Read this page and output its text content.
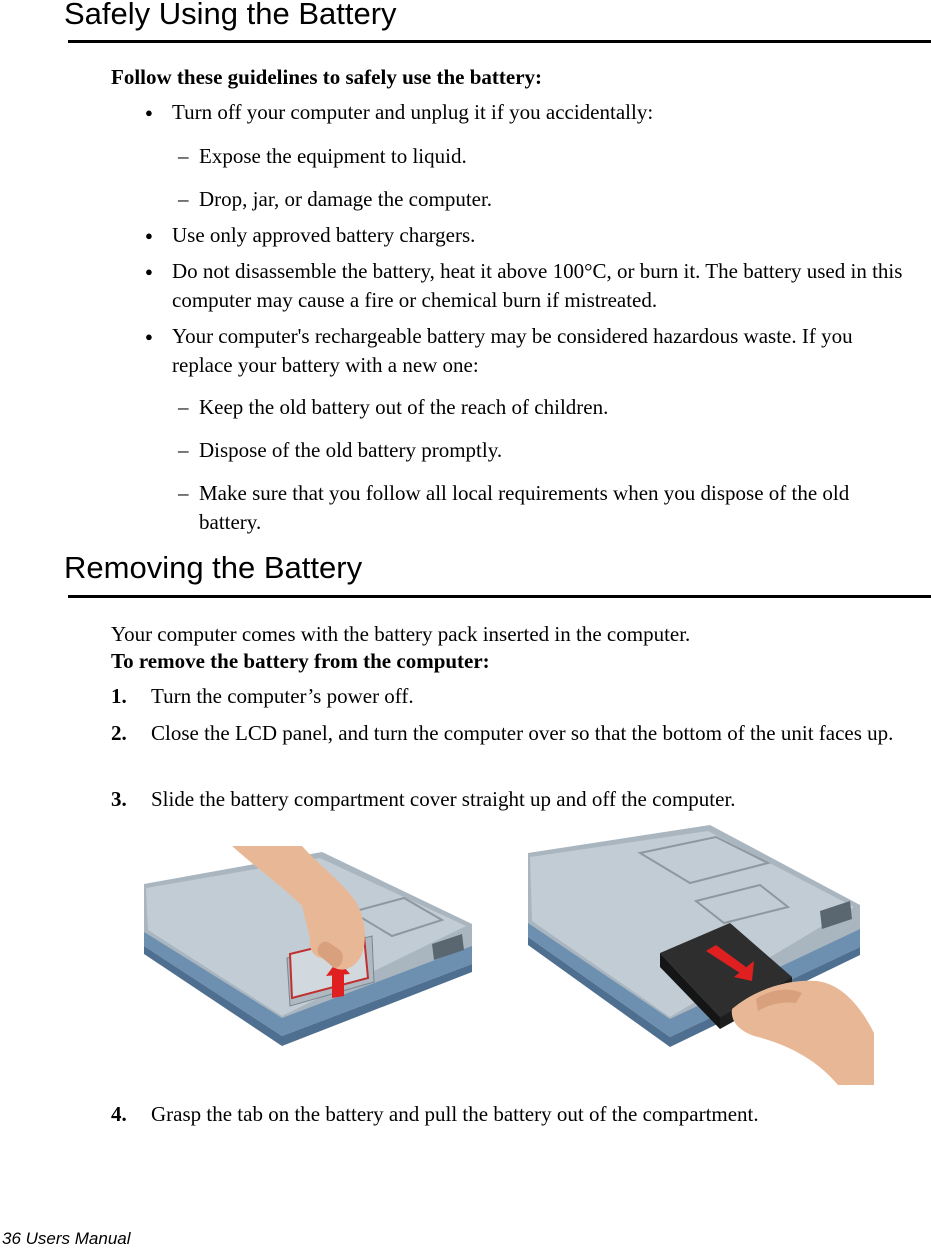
Safely Using the Battery
Follow these guidelines to safely use the battery:
● Turn off your computer and unplug it if you accidentally:
– Expose the equipment to liquid.
– Drop, jar, or damage the computer.
● Use only approved battery chargers.
● Do not disassemble the battery, heat it above 100°C, or burn it. The battery used in this computer may cause a fire or chemical burn if mistreated.
● Your computer's rechargeable battery may be considered hazardous waste. If you replace your battery with a new one:
– Keep the old battery out of the reach of children.
– Dispose of the old battery promptly.
– Make sure that you follow all local requirements when you dispose of the old battery.
Removing the Battery
Your computer comes with the battery pack inserted in the computer.
To remove the battery from the computer:
1. Turn the computer’s power off.
2. Close the LCD panel, and turn the computer over so that the bottom of the unit faces up.
3. Slide the battery compartment cover straight up and off the computer.
4. Grasp the tab on the battery and pull the battery out of the compartment.
36 Users Manual
